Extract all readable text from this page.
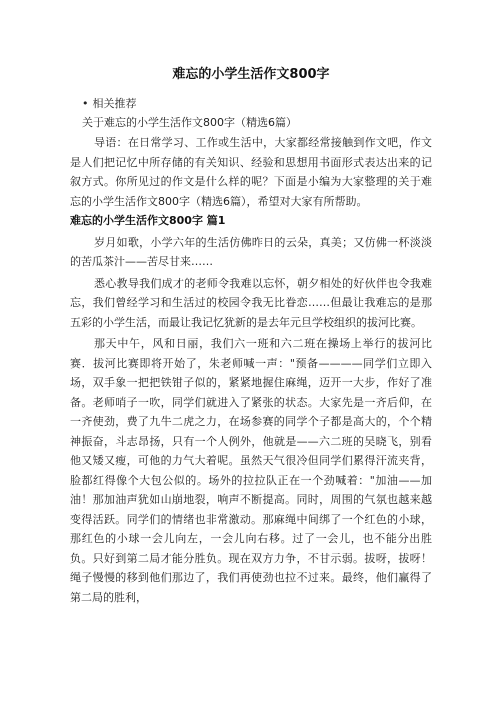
难忘的小学生活作文800字
• 相关推荐
关于难忘的小学生活作文800字（精选6篇）

导语：在日常学习、工作或生活中，大家都经常接触到作文吧，作文是人们把记忆中所存储的有关知识、经验和思想用书面形式表达出来的记叙方式。你所见过的作文是什么样的呢？下面是小编为大家整理的关于难忘的小学生活作文800字（精选6篇），希望对大家有所帮助。

难忘的小学生活作文800字 篇1

岁月如歌，小学六年的生活仿佛昨日的云朵，真美；又仿佛一杯淡淡的苦瓜茶汁——苦尽甘来……

悉心教导我们成才的老师令我难以忘怀，朝夕相处的好伙伴也令我难忘，我们曾经学习和生活过的校园令我无比眷恋……但最让我难忘的是那五彩的小学生活，而最让我记忆犹新的是去年元旦学校组织的拔河比赛。

那天中午，风和日丽，我们六一班和六二班在操场上举行的拔河比赛．拔河比赛即将开始了，朱老师喊一声："预备————同学们立即入场，双手象一把把铁钳子似的，紧紧地握住麻绳，迈开一大步，作好了准备。老师哨子一吹，同学们就进入了紧张的状态。大家先是一齐后仰，在一齐使劲，费了九牛二虎之力，在场参赛的同学个子都是高大的，个个精神振奋，斗志昂扬，只有一个人例外，他就是——六二班的吴晓飞，别看他又矮又瘦，可他的力气大着呢。虽然天气很冷但同学们累得汗流夹背，脸都红得像个大包公似的。场外的拉拉队正在一个劲喊着："加油——加油！那加油声犹如山崩地裂，响声不断提高。同时，周围的气氛也越来越变得活跃。同学们的情绪也非常激动。那麻绳中间绑了一个红色的小球，那红色的小球一会儿向左，一会儿向右移。过了一会儿，也不能分出胜负。只好到第二局才能分胜负。现在双方力争，不甘示弱。拔呀，拔呀！绳子慢慢的移到他们那边了，我们再使劲也拉不过来。最终，他们赢得了第二局的胜利，
